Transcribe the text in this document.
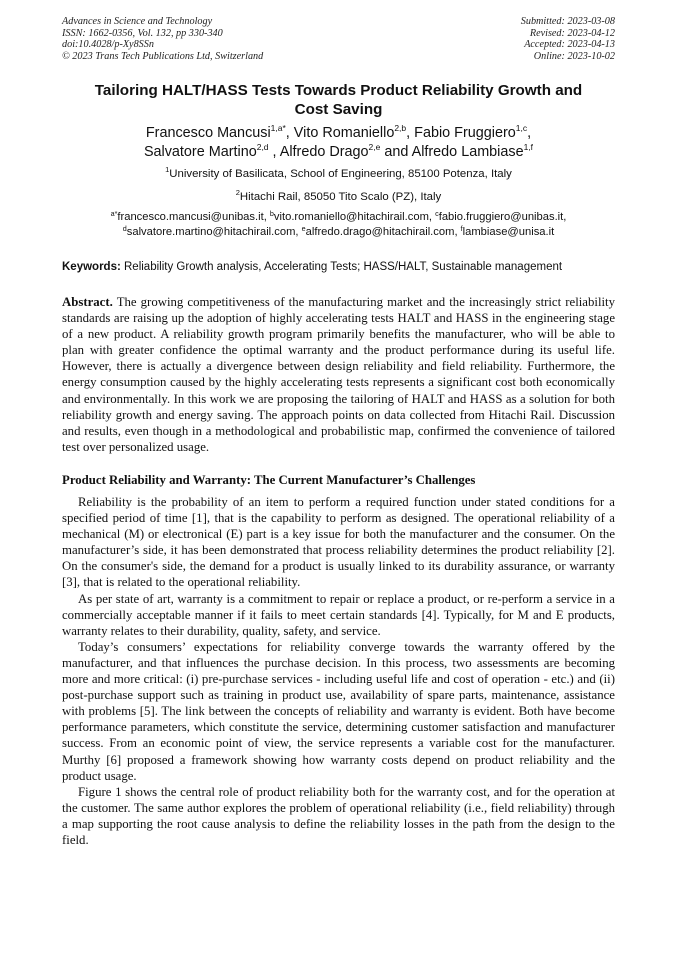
Advances in Science and Technology
ISSN: 1662-0356, Vol. 132, pp 330-340
doi:10.4028/p-Xy8SSn
© 2023 Trans Tech Publications Ltd, Switzerland
Submitted: 2023-03-08
Revised: 2023-04-12
Accepted: 2023-04-13
Online: 2023-10-02
Tailoring HALT/HASS Tests Towards Product Reliability Growth and
Cost Saving
Francesco Mancusi$^{1,a*}$, Vito Romaniello$^{2,b}$, Fabio Fruggiero$^{1,c}$,
Salvatore Martino$^{2,d}$ , Alfredo Drago$^{2,e}$ and Alfredo Lambiase$^{1,f}$
$^1$University of Basilicata, School of Engineering, 85100 Potenza, Italy
$^2$Hitachi Rail, 85050 Tito Scalo (PZ), Italy
$^{a*}$francesco.mancusi@unibas.it, $^b$vito.romaniello@hitachirail.com, $^c$fabio.fruggiero@unibas.it,
$^d$salvatore.martino@hitachirail.com, $^e$alfredo.drago@hitachirail.com, $^f$lambiase@unisa.it
Keywords: Reliability Growth analysis, Accelerating Tests; HASS/HALT, Sustainable management

Abstract. The growing competitiveness of the manufacturing market and the increasingly strict reliability standards are raising up the adoption of highly accelerating tests HALT and HASS in the engineering stage of a new product. A reliability growth program primarily benefits the manufacturer, who will be able to plan with greater confidence the optimal warranty and the product performance during its useful life. However, there is actually a divergence between design reliability and field reliability. Furthermore, the energy consumption caused by the highly accelerating tests represents a significant cost both economically and environmentally. In this work we are proposing the tailoring of HALT and HASS as a solution for both reliability growth and energy saving. The approach points on data collected from Hitachi Rail. Discussion and results, even though in a methodological and probabilistic map, confirmed the convenience of tailored test over personalized usage.

Product Reliability and Warranty: The Current Manufacturer’s Challenges

Reliability is the probability of an item to perform a required function under stated conditions for a specified period of time [1], that is the capability to perform as designed. The operational reliability of a mechanical (M) or electronical (E) part is a key issue for both the manufacturer and the consumer. On the manufacturer’s side, it has been demonstrated that process reliability determines the product reliability [2]. On the consumer's side, the demand for a product is usually linked to its durability assurance, or warranty [3], that is related to the operational reliability.

As per state of art, warranty is a commitment to repair or replace a product, or re-perform a service in a commercially acceptable manner if it fails to meet certain standards [4]. Typically, for M and E products, warranty relates to their durability, quality, safety, and service.

Today’s consumers’ expectations for reliability converge towards the warranty offered by the manufacturer, and that influences the purchase decision. In this process, two assessments are becoming more and more critical: (i) pre-purchase services - including useful life and cost of operation - etc.) and (ii) post-purchase support such as training in product use, availability of spare parts, maintenance, assistance with problems [5]. The link between the concepts of reliability and warranty is evident. Both have become performance parameters, which constitute the service, determining customer satisfaction and manufacturer success. From an economic point of view, the service represents a variable cost for the manufacturer. Murthy [6] proposed a framework showing how warranty costs depend on product reliability and the product usage.

Figure 1 shows the central role of product reliability both for the warranty cost, and for the operation at the customer. The same author explores the problem of operational reliability (i.e., field reliability) through a map supporting the root cause analysis to define the reliability losses in the path from the design to the field.
